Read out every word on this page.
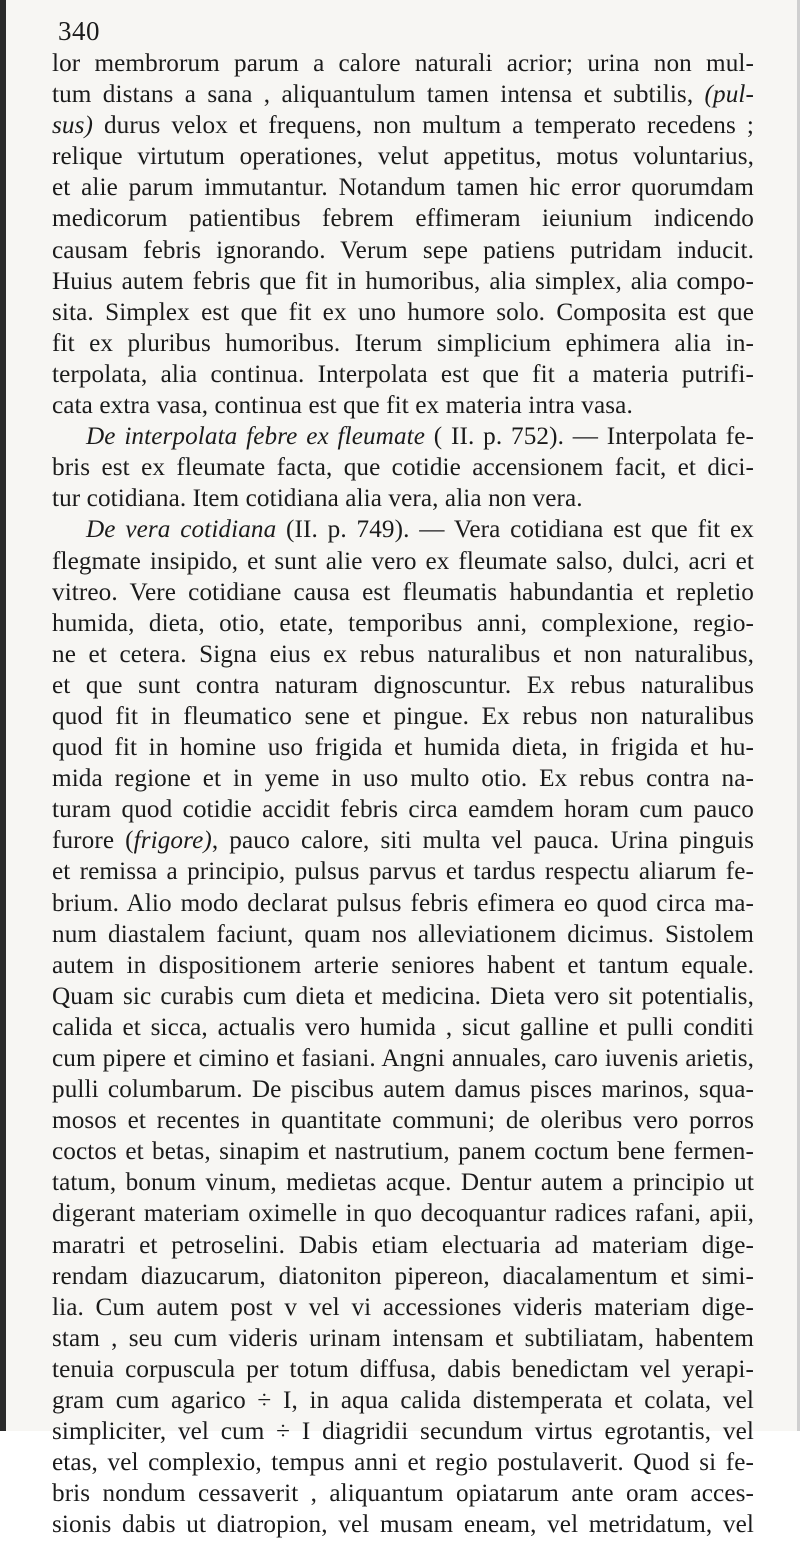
340
lor membrorum parum a calore naturali acrior; urina non mul-
tum distans a sana , aliquantulum tamen intensa et subtilis, (pul-
sus) durus velox et frequens, non multum a temperato recedens ;
relique virtutum operationes, velut appetitus, motus voluntarius,
et alie parum immutantur. Notandum tamen hic error quorumdam
medicorum patientibus febrem effimeram ieiunium indicendo
causam febris ignorando. Verum sepe patiens putridam inducit.
Huius autem febris que fit in humoribus, alia simplex, alia compo-
sita. Simplex est que fit ex uno humore solo. Composita est que
fit ex pluribus humoribus. Iterum simplicium ephimera alia in-
terpolata, alia continua. Interpolata est que fit a materia putrifi-
cata extra vasa, continua est que fit ex materia intra vasa.
De interpolata febre ex fleumate ( II. p. 752). — Interpolata fe-
bris est ex fleumate facta, que cotidie accensionem facit, et dici-
tur cotidiana. Item cotidiana alia vera, alia non vera.
De vera cotidiana (II. p. 749). — Vera cotidiana est que fit ex
flegmate insipido, et sunt alie vero ex fleumate salso, dulci, acri et
vitreo. Vere cotidiane causa est fleumatis habundantia et repletio
humida, dieta, otio, etate, temporibus anni, complexione, regio-
ne et cetera. Signa eius ex rebus naturalibus et non naturalibus,
et que sunt contra naturam dignoscuntur. Ex rebus naturalibus
quod fit in fleumatico sene et pingue. Ex rebus non naturalibus
quod fit in homine uso frigida et humida dieta, in frigida et hu-
mida regione et in yeme in uso multo otio. Ex rebus contra na-
turam quod cotidie accidit febris circa eamdem horam cum pauco
furore (frigore), pauco calore, siti multa vel pauca. Urina pinguis
et remissa a principio, pulsus parvus et tardus respectu aliarum fe-
brium. Alio modo declarat pulsus febris efimera eo quod circa ma-
num diastalem faciunt, quam nos alleviationem dicimus. Sistolem
autem in dispositionem arterie seniores habent et tantum equale.
Quam sic curabis cum dieta et medicina. Dieta vero sit potentialis,
calida et sicca, actualis vero humida , sicut galline et pulli conditi
cum pipere et cimino et fasiani. Angni annuales, caro iuvenis arietis,
pulli columbarum. De piscibus autem damus pisces marinos, squa-
mosos et recentes in quantitate communi; de oleribus vero porros
coctos et betas, sinapim et nastrutium, panem coctum bene fermen-
tatum, bonum vinum, medietas acque. Dentur autem a principio ut
digerant materiam oximelle in quo decoquantur radices rafani, apii,
maratri et petroselini. Dabis etiam electuaria ad materiam dige-
rendam diazucarum, diatoniton pipereon, diacalamentum et simi-
lia. Cum autem post v vel vi accessiones videris materiam dige-
stam , seu cum videris urinam intensam et subtiliatam, habentem
tenuia corpuscula per totum diffusa, dabis benedictam vel yerapi-
gram cum agarico ÷ I, in aqua calida distemperata et colata, vel
simpliciter, vel cum ÷ I diagridii secundum virtus egrotantis, vel
etas, vel complexio, tempus anni et regio postulaverit. Quod si fe-
bris nondum cessaverit , aliquantum opiatarum ante oram acces-
sionis dabis ut diatropion, vel musam eneam, vel metridatum, vel
